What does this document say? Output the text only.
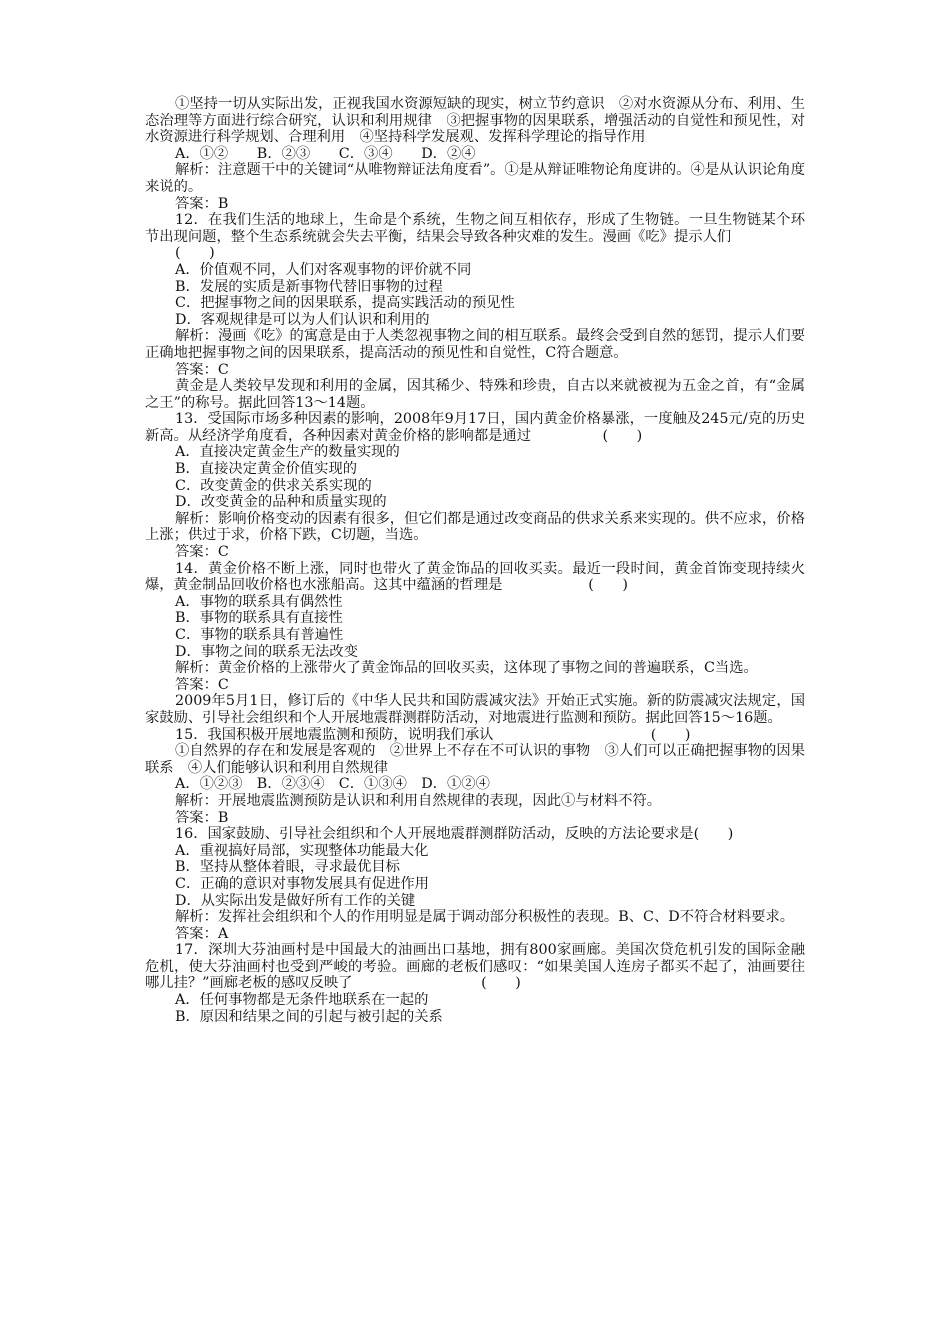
①坚持一切从实际出发，正视我国水资源短缺的现实，树立节约意识　②对水资源从分布、利用、生态治理等方面进行综合研究，认识和利用规律　③把握事物的因果联系，增强活动的自觉性和预见性，对水资源进行科学规划、合理利用　④坚持科学发展观、发挥科学理论的指导作用

A．①②　　B．②③　　C．③④　　D．②④

解析：注意题干中的关键词“从唯物辩证法角度看”。①是从辩证唯物论角度讲的。④是从认识论角度来说的。

答案：B

12．在我们生活的地球上，生命是个系统，生物之间互相依存，形成了生物链。一旦生物链某个环节出现问题，整个生态系统就会失去平衡，结果会导致各种灾难的发生。漫画《吃》提示人们

(　　)

A．价值观不同，人们对客观事物的评价就不同

B．发展的实质是新事物代替旧事物的过程

C．把握事物之间的因果联系，提高实践活动的预见性

D．客观规律是可以为人们认识和利用的

解析：漫画《吃》的寓意是由于人类忽视事物之间的相互联系。最终会受到自然的惩罚，提示人们要正确地把握事物之间的因果联系，提高活动的预见性和自觉性，C符合题意。

答案：C

黄金是人类较早发现和利用的金属，因其稀少、特殊和珍贵，自古以来就被视为五金之首，有“金属之王”的称号。据此回答13～14题。

13．受国际市场多种因素的影响，2008年9月17日，国内黄金价格暴涨，一度触及245元/克的历史新高。从经济学角度看，各种因素对黄金价格的影响都是通过　　　　　(　　)

A．直接决定黄金生产的数量实现的

B．直接决定黄金价值实现的

C．改变黄金的供求关系实现的

D．改变黄金的品种和质量实现的

解析：影响价格变动的因素有很多，但它们都是通过改变商品的供求关系来实现的。供不应求，价格上涨；供过于求，价格下跌，C切题，当选。

答案：C

14．黄金价格不断上涨，同时也带火了黄金饰品的回收买卖。最近一段时间，黄金首饰变现持续火爆，黄金制品回收价格也水涨船高。这其中蕴涵的哲理是　　　　　　(　　)

A．事物的联系具有偶然性

B．事物的联系具有直接性

C．事物的联系具有普遍性

D．事物之间的联系无法改变

解析：黄金价格的上涨带火了黄金饰品的回收买卖，这体现了事物之间的普遍联系，C当选。

答案：C

2009年5月1日，修订后的《中华人民共和国防震减灾法》开始正式实施。新的防震减灾法规定，国家鼓励、引导社会组织和个人开展地震群测群防活动，对地震进行监测和预防。据此回答15～16题。

15．我国积极开展地震监测和预防，说明我们承认　　　　　　　　　　　(　　)

①自然界的存在和发展是客观的　②世界上不存在不可认识的事物　③人们可以正确把握事物的因果联系　④人们能够认识和利用自然规律

A．①②③　B．②③④　C．①③④　D．①②④

解析：开展地震监测预防是认识和利用自然规律的表现，因此①与材料不符。

答案：B

16．国家鼓励、引导社会组织和个人开展地震群测群防活动，反映的方法论要求是(　　)

A．重视搞好局部，实现整体功能最大化

B．坚持从整体着眼，寻求最优目标

C．正确的意识对事物发展具有促进作用

D．从实际出发是做好所有工作的关键

解析：发挥社会组织和个人的作用明显是属于调动部分积极性的表现。B、C、D不符合材料要求。

答案：A

17．深圳大芬油画村是中国最大的油画出口基地，拥有800家画廊。美国次贷危机引发的国际金融危机，使大芬油画村也受到严峻的考验。画廊的老板们感叹：“如果美国人连房子都买不起了，油画要往哪儿挂？”画廊老板的感叹反映了　　　　　　　　　(　　)

A．任何事物都是无条件地联系在一起的

B．原因和结果之间的引起与被引起的关系
